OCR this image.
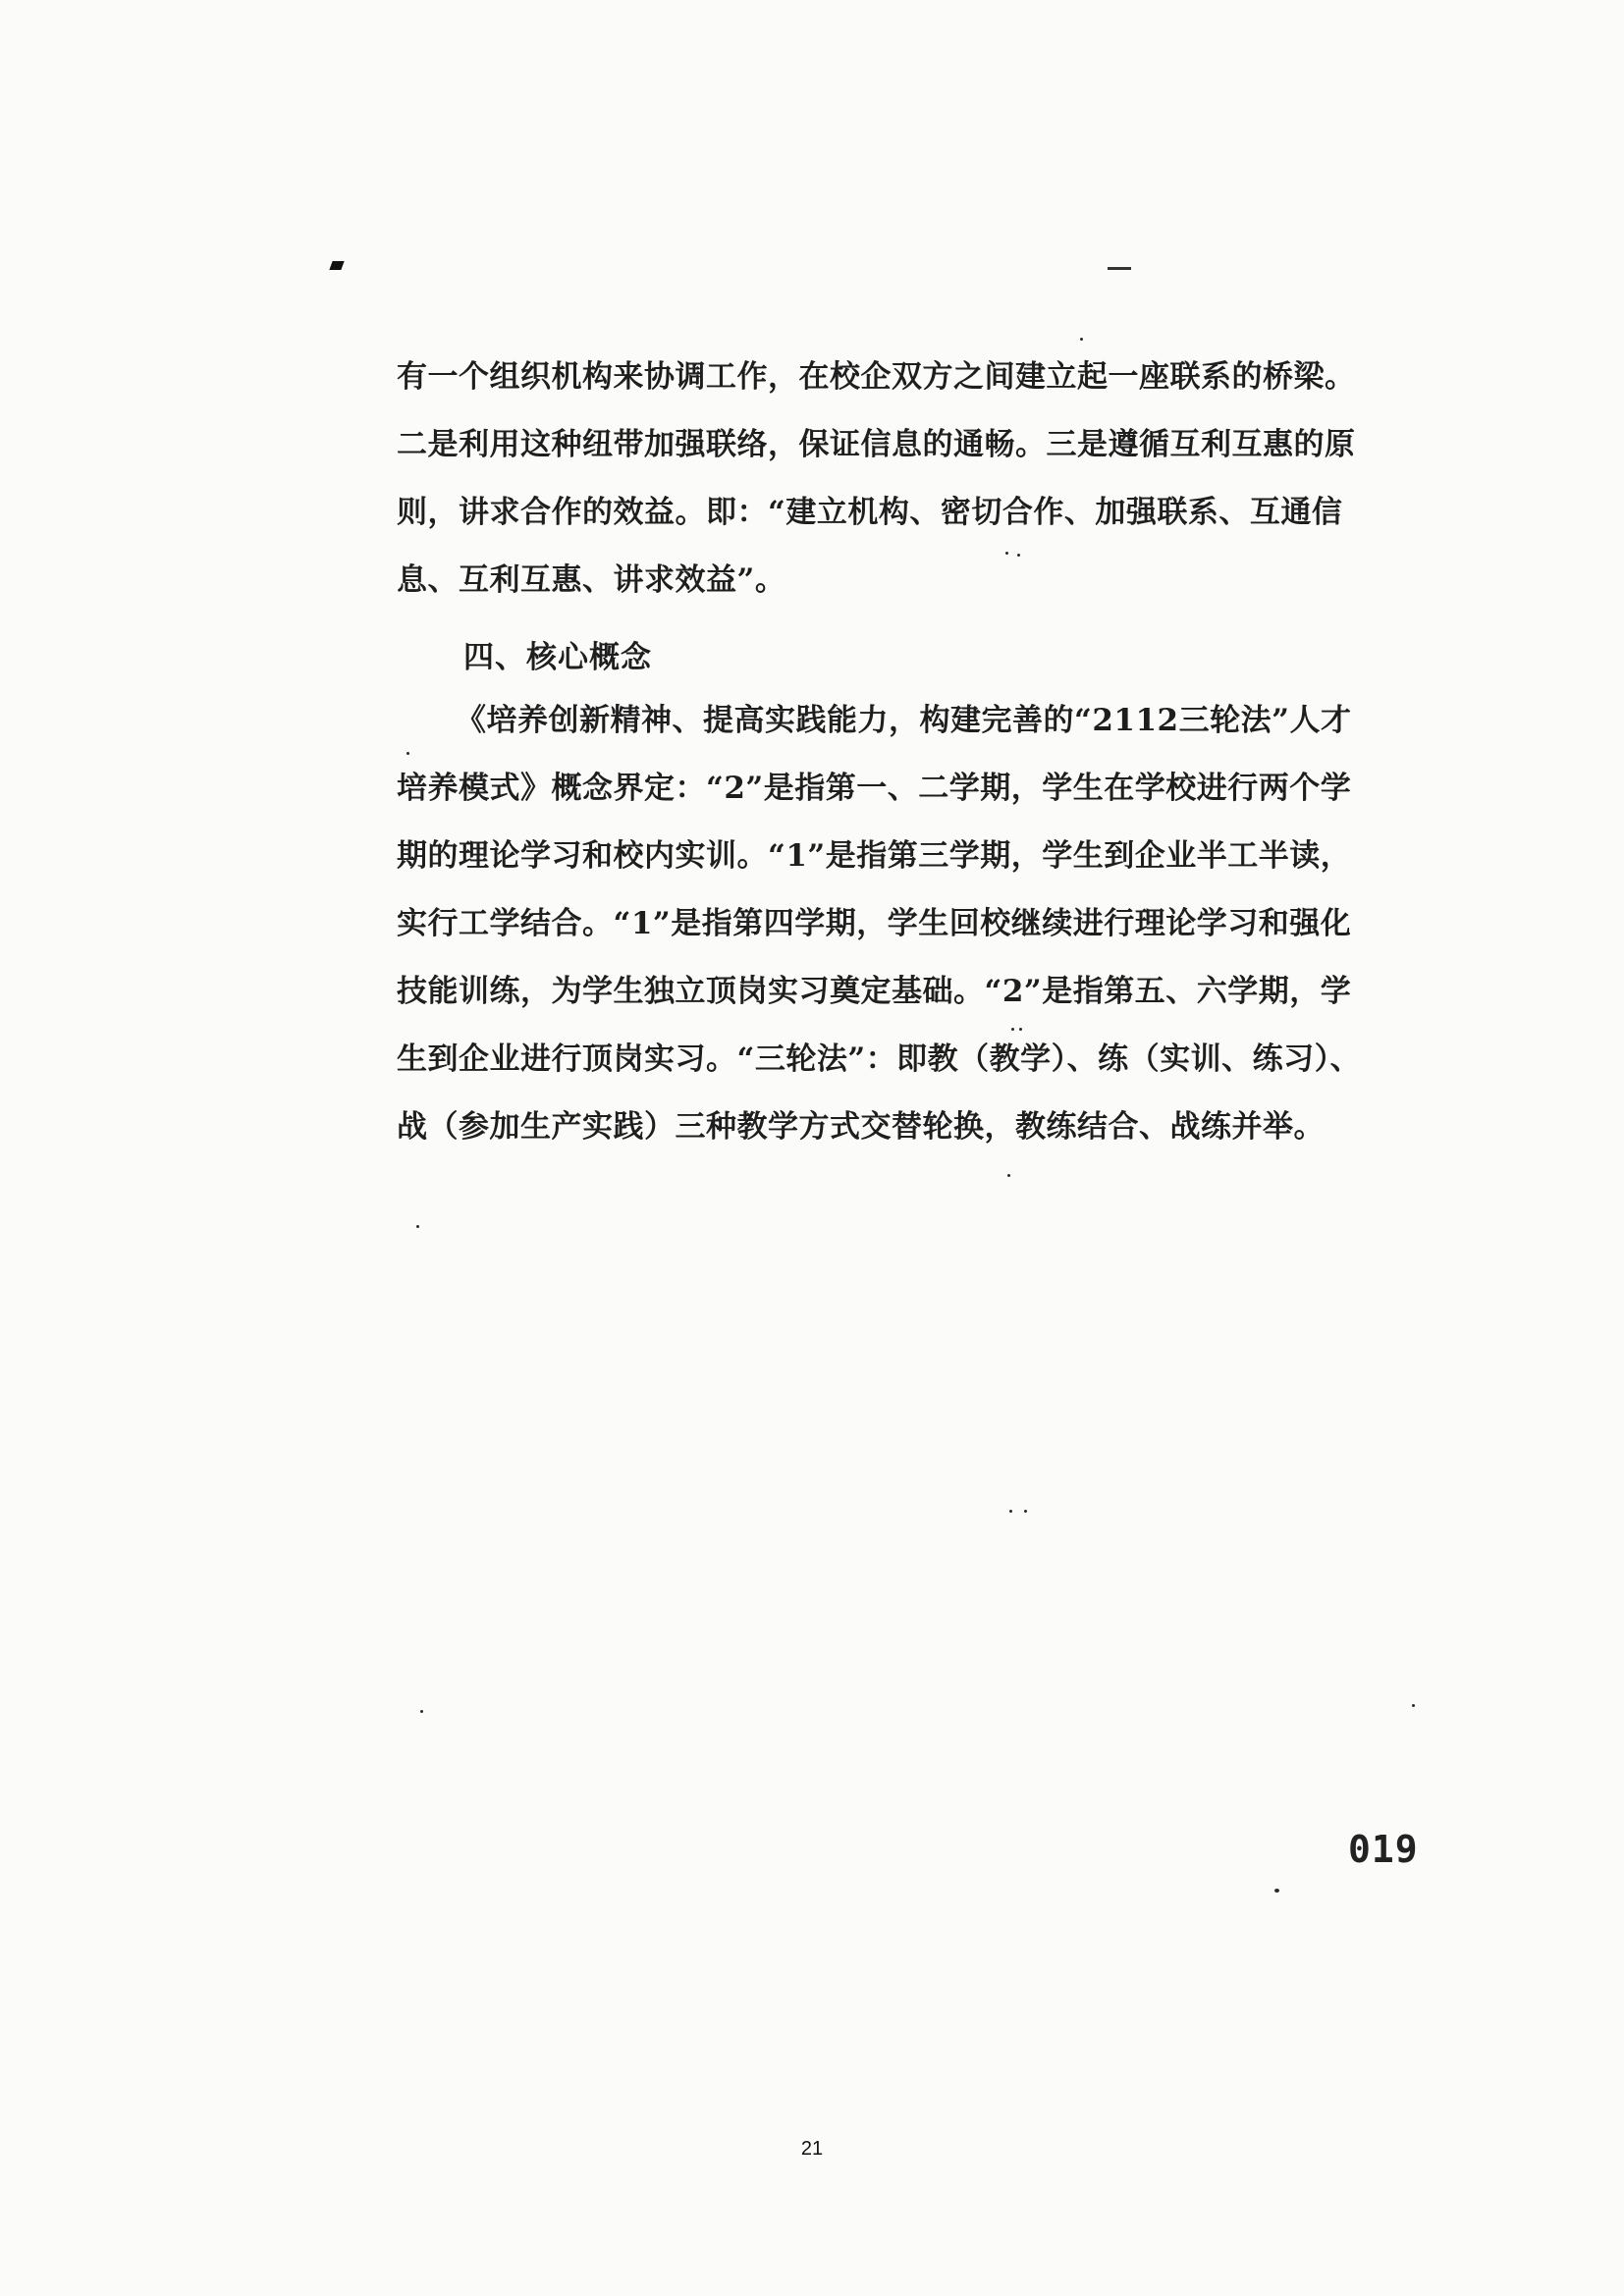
有一个组织机构来协调工作，在校企双方之间建立起一座联系的桥梁。
二是利用这种纽带加强联络，保证信息的通畅。三是遵循互利互惠的原
则，讲求合作的效益。即：“建立机构、密切合作、加强联系、互通信
息、互利互惠、讲求效益”。
四、核心概念
《培养创新精神、提高实践能力，构建完善的“2112三轮法”人才
培养模式》概念界定：“2”是指第一、二学期，学生在学校进行两个学
期的理论学习和校内实训。“1”是指第三学期，学生到企业半工半读，
实行工学结合。“1”是指第四学期，学生回校继续进行理论学习和强化
技能训练，为学生独立顶岗实习奠定基础。“2”是指第五、六学期，学
生到企业进行顶岗实习。“三轮法”：即教（教学）、练（实训、练习）、
战（参加生产实践）三种教学方式交替轮换，教练结合、战练并举。
019
21
